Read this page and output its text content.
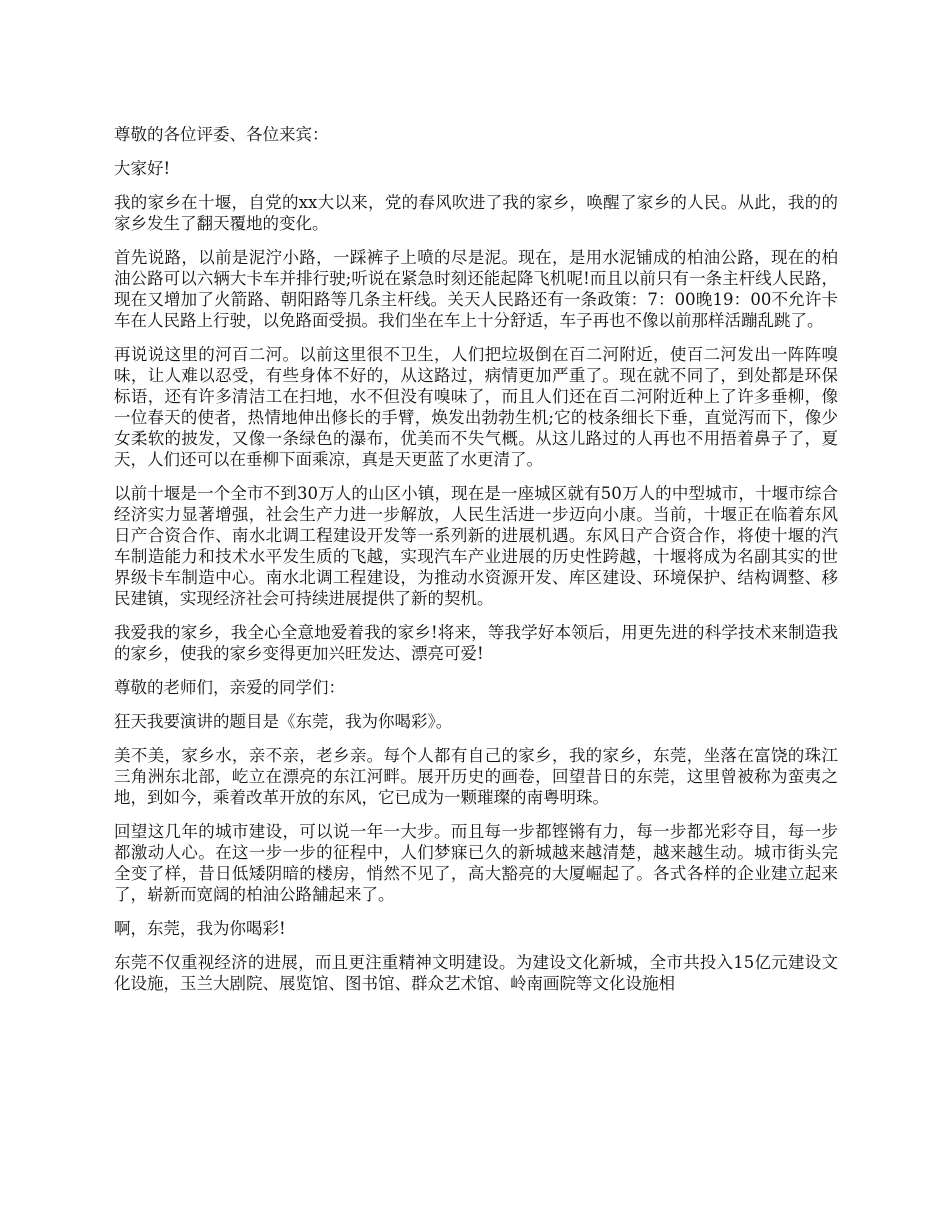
尊敬的各位评委、各位来宾：

大家好!

我的家乡在十堰，自党的xx大以来，党的春风吹进了我的家乡，唤醒了家乡的人民。从此，我的的家乡发生了翻天覆地的变化。

首先说路，以前是泥泞小路，一踩裤子上喷的尽是泥。现在，是用水泥铺成的柏油公路，现在的柏油公路可以六辆大卡车并排行驶;听说在紧急时刻还能起降飞机呢!而且以前只有一条主杆线人民路，现在又增加了火箭路、朝阳路等几条主杆线。关天人民路还有一条政策：7：00晚19：00不允许卡车在人民路上行驶，以免路面受损。我们坐在车上十分舒适，车子再也不像以前那样活蹦乱跳了。

再说说这里的河百二河。以前这里很不卫生，人们把垃圾倒在百二河附近，使百二河发出一阵阵嗅味，让人难以忍受，有些身体不好的，从这路过，病情更加严重了。现在就不同了，到处都是环保标语，还有许多清洁工在扫地，水不但没有嗅味了，而且人们还在百二河附近种上了许多垂柳，像一位春天的使者，热情地伸出修长的手臂，焕发出勃勃生机;它的枝条细长下垂，直觉泻而下，像少女柔软的披发，又像一条绿色的瀑布，优美而不失气概。从这儿路过的人再也不用捂着鼻子了，夏天，人们还可以在垂柳下面乘凉，真是天更蓝了水更清了。

以前十堰是一个全市不到30万人的山区小镇，现在是一座城区就有50万人的中型城市，十堰市综合经济实力显著增强，社会生产力进一步解放，人民生活进一步迈向小康。当前，十堰正在临着东风日产合资合作、南水北调工程建设开发等一系列新的进展机遇。东风日产合资合作，将使十堰的汽车制造能力和技术水平发生质的飞越，实现汽车产业进展的历史性跨越，十堰将成为名副其实的世界级卡车制造中心。南水北调工程建设，为推动水资源开发、库区建设、环境保护、结构调整、移民建镇，实现经济社会可持续进展提供了新的契机。

我爱我的家乡，我全心全意地爱着我的家乡!将来，等我学好本领后，用更先进的科学技术来制造我的家乡，使我的家乡变得更加兴旺发达、漂亮可爱!

尊敬的老师们，亲爱的同学们：

狂天我要演讲的题目是《东莞，我为你喝彩》。

美不美，家乡水，亲不亲，老乡亲。每个人都有自己的家乡，我的家乡，东莞，坐落在富饶的珠江三角洲东北部，屹立在漂亮的东江河畔。展开历史的画卷，回望昔日的东莞，这里曾被称为蛮夷之地，到如今，乘着改革开放的东风，它已成为一颗璀璨的南粤明珠。

回望这几年的城市建设，可以说一年一大步。而且每一步都铿锵有力，每一步都光彩夺目，每一步都激动人心。在这一步一步的征程中，人们梦寐已久的新城越来越清楚，越来越生动。城市街头完全变了样，昔日低矮阴暗的楼房，悄然不见了，高大豁亮的大厦崛起了。各式各样的企业建立起来了，崭新而宽阔的柏油公路舗起来了。

啊，东莞，我为你喝彩!

东莞不仅重视经济的进展，而且更注重精神文明建设。为建设文化新城，全市共投入15亿元建设文化设施，玉兰大剧院、展览馆、图书馆、群众艺术馆、岭南画院等文化设施相
